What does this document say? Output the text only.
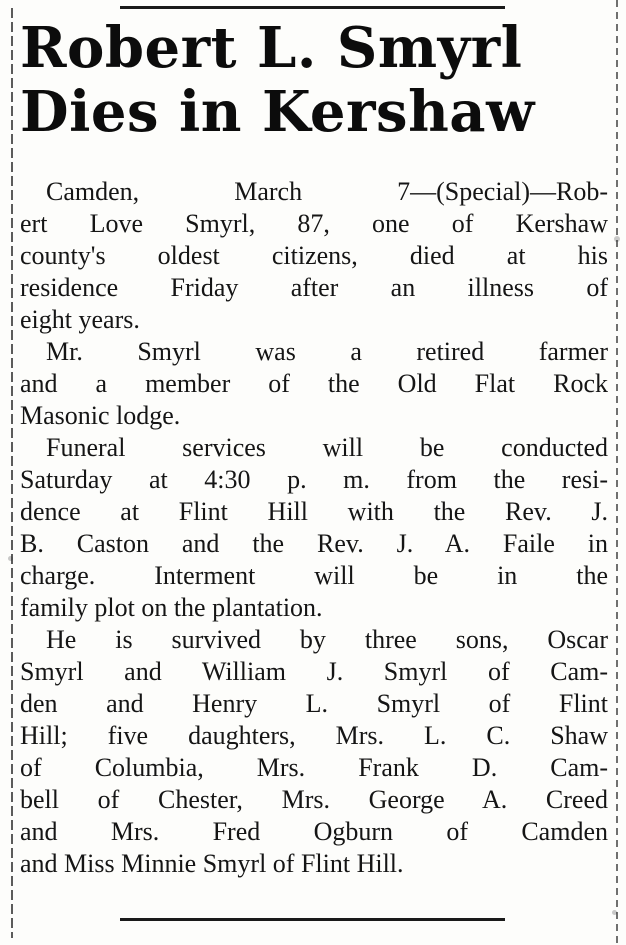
Robert L. Smyrl
Dies in Kershaw
Camden, March 7—(Special)—Rob-
ert Love Smyrl, 87, one of Kershaw
county's oldest citizens, died at his
residence Friday after an illness of
eight years.
Mr. Smyrl was a retired farmer
and a member of the Old Flat Rock
Masonic lodge.
Funeral services will be conducted
Saturday at 4:30 p. m. from the resi-
dence at Flint Hill with the Rev. J.
B. Caston and the Rev. J. A. Faile in
charge. Interment will be in the
family plot on the plantation.
He is survived by three sons, Oscar
Smyrl and William J. Smyrl of Cam-
den and Henry L. Smyrl of Flint
Hill; five daughters, Mrs. L. C. Shaw
of Columbia, Mrs. Frank D. Cam-
bell of Chester, Mrs. George A. Creed
and Mrs. Fred Ogburn of Camden
and Miss Minnie Smyrl of Flint Hill.
